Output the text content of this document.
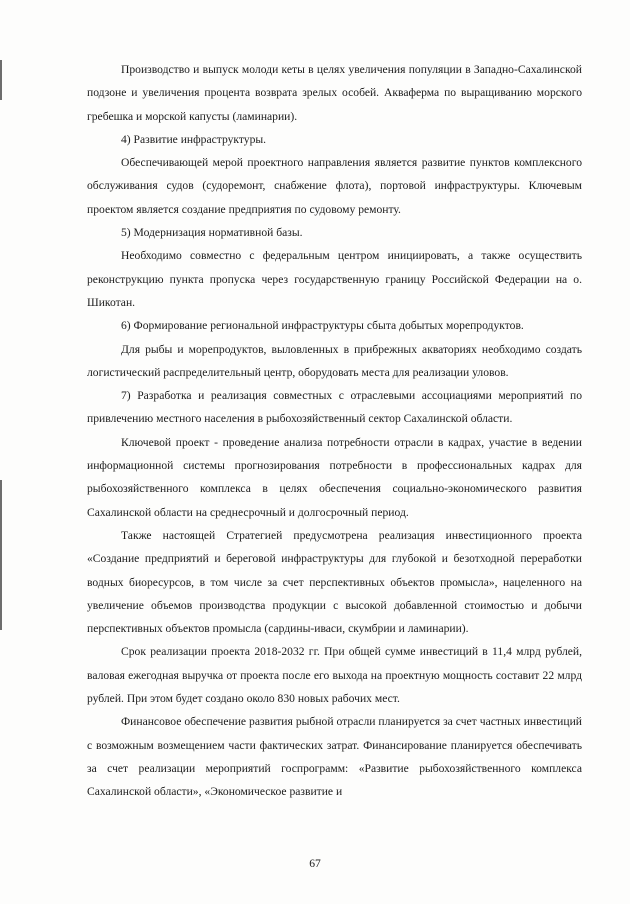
Производство и выпуск молоди кеты в целях увеличения популяции в Западно-Сахалинской подзоне и увеличения процента возврата зрелых особей. Акваферма по выращиванию морского гребешка и морской капусты (ламинарии).

4) Развитие инфраструктуры.

Обеспечивающей мерой проектного направления является развитие пунктов комплексного обслуживания судов (судоремонт, снабжение флота), портовой инфраструктуры. Ключевым проектом является создание предприятия по судовому ремонту.

5) Модернизация нормативной базы.

Необходимо совместно с федеральным центром инициировать, а также осуществить реконструкцию пункта пропуска через государственную границу Российской Федерации на о. Шикотан.

6) Формирование региональной инфраструктуры сбыта добытых морепродуктов.

Для рыбы и морепродуктов, выловленных в прибрежных акваториях необходимо создать логистический распределительный центр, оборудовать места для реализации уловов.

7) Разработка и реализация совместных с отраслевыми ассоциациями мероприятий по привлечению местного населения в рыбохозяйственный сектор Сахалинской области.

Ключевой проект - проведение анализа потребности отрасли в кадрах, участие в ведении информационной системы прогнозирования потребности в профессиональных кадрах для рыбохозяйственного комплекса в целях обеспечения социально-экономического развития Сахалинской области на среднесрочный и долгосрочный период.

Также настоящей Стратегией предусмотрена реализация инвестиционного проекта «Создание предприятий и береговой инфраструктуры для глубокой и безотходной переработки водных биоресурсов, в том числе за счет перспективных объектов промысла», нацеленного на увеличение объемов производства продукции с высокой добавленной стоимостью и добычи перспективных объектов промысла (сардины-иваси, скумбрии и ламинарии).

Срок реализации проекта 2018-2032 гг. При общей сумме инвестиций в 11,4 млрд рублей, валовая ежегодная выручка от проекта после его выхода на проектную мощность составит 22 млрд рублей. При этом будет создано около 830 новых рабочих мест.

Финансовое обеспечение развития рыбной отрасли планируется за счет частных инвестиций с возможным возмещением части фактических затрат. Финансирование планируется обеспечивать за счет реализации мероприятий госпрограмм: «Развитие рыбохозяйственного комплекса Сахалинской области», «Экономическое развитие и

67
